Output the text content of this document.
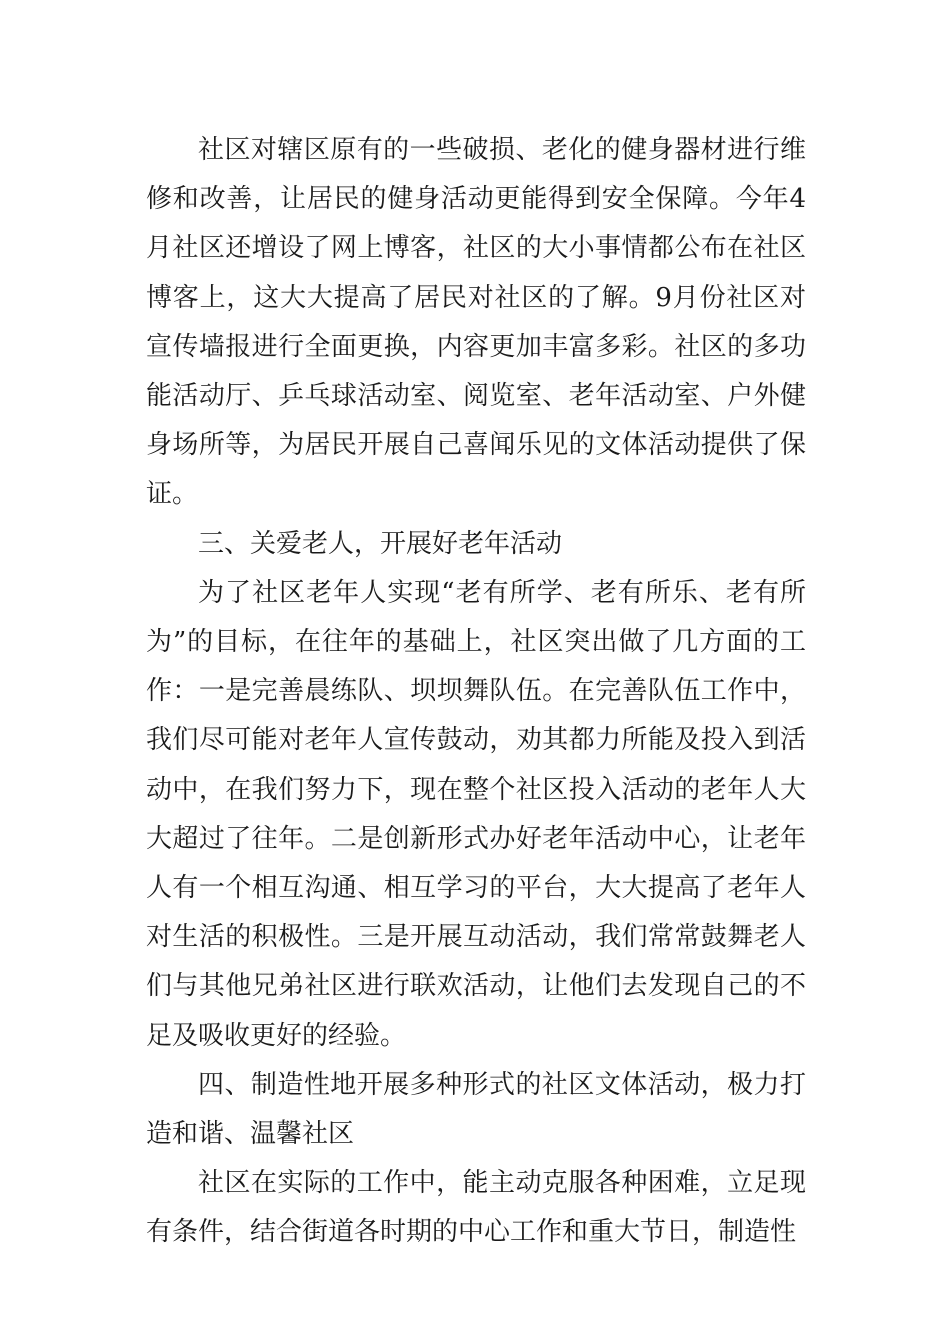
社区对辖区原有的一些破损、老化的健身器材进行维修和改善，让居民的健身活动更能得到安全保障。今年4月社区还增设了网上博客，社区的大小事情都公布在社区博客上，这大大提高了居民对社区的了解。9月份社区对宣传墙报进行全面更换，内容更加丰富多彩。社区的多功能活动厅、乒乓球活动室、阅览室、老年活动室、户外健身场所等，为居民开展自己喜闻乐见的文体活动提供了保证。

三、关爱老人，开展好老年活动

为了社区老年人实现“老有所学、老有所乐、老有所为”的目标，在往年的基础上，社区突出做了几方面的工作：一是完善晨练队、坝坝舞队伍。在完善队伍工作中，我们尽可能对老年人宣传鼓动，劝其都力所能及投入到活动中，在我们努力下，现在整个社区投入活动的老年人大大超过了往年。二是创新形式办好老年活动中心，让老年人有一个相互沟通、相互学习的平台，大大提高了老年人对生活的积极性。三是开展互动活动，我们常常鼓舞老人们与其他兄弟社区进行联欢活动，让他们去发现自己的不足及吸收更好的经验。

四、制造性地开展多种形式的社区文体活动，极力打造和谐、温馨社区

社区在实际的工作中，能主动克服各种困难，立足现有条件，结合街道各时期的中心工作和重大节日，制造性
